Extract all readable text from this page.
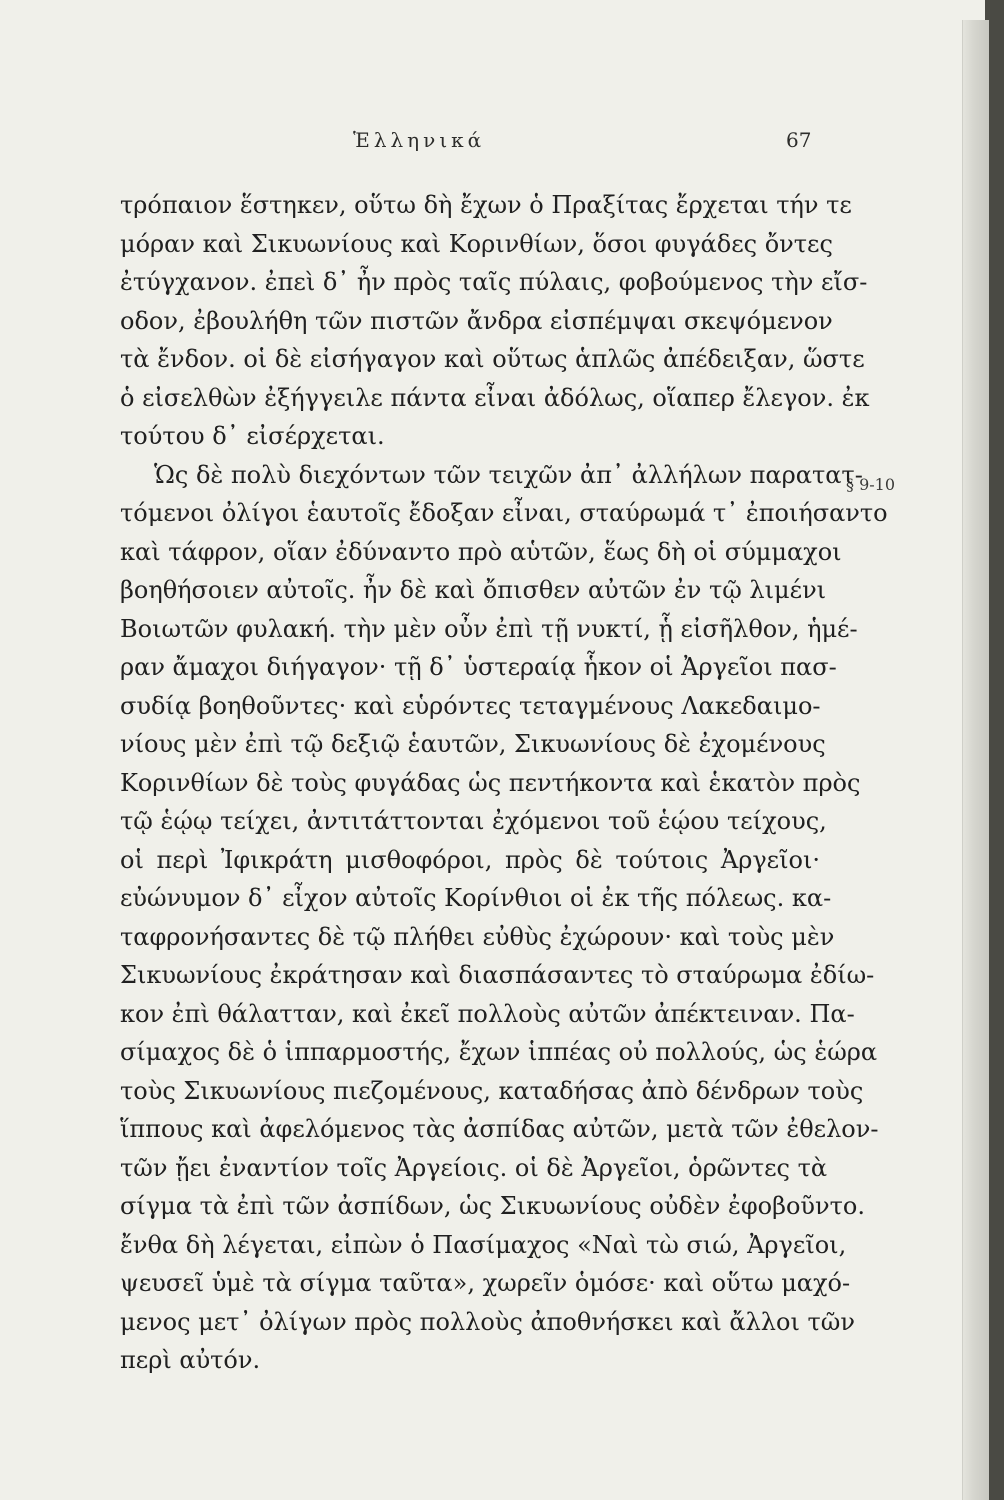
Ἑλληνικά	67
§ 9-10
τρόπαιον ἕστηκεν, οὕτω δὴ ἔχων ὁ Πραξίτας ἔρχεται τήν τε
μόραν καὶ Σικυωνίους καὶ Κορινθίων, ὅσοι φυγάδες ὄντες
ἐτύγχανον. ἐπεὶ δ᾽ ἦν πρὸς ταῖς πύλαις, φοβούμενος τὴν εἴσ-
οδον, ἐβουλήθη τῶν πιστῶν ἄνδρα εἰσπέμψαι σκεψόμενον
τὰ ἔνδον. οἱ δὲ εἰσήγαγον καὶ οὕτως ἁπλῶς ἀπέδειξαν, ὥστε
ὁ εἰσελθὼν ἐξήγγειλε πάντα εἶναι ἀδόλως, οἵαπερ ἔλεγον. ἐκ
τούτου δ᾽ εἰσέρχεται.
Ὡς δὲ πολὺ διεχόντων τῶν τειχῶν ἀπ᾽ ἀλλήλων παρατατ-
τόμενοι ὀλίγοι ἑαυτοῖς ἔδοξαν εἶναι, σταύρωμά τ᾽ ἐποιήσαντο
καὶ τάφρον, οἵαν ἐδύναντο πρὸ αὑτῶν, ἕως δὴ οἱ σύμμαχοι
βοηθήσοιεν αὐτοῖς. ἦν δὲ καὶ ὄπισθεν αὐτῶν ἐν τῷ λιμένι
Βοιωτῶν φυλακή. τὴν μὲν οὖν ἐπὶ τῇ νυκτί, ᾗ εἰσῆλθον, ἡμέ-
ραν ἄμαχοι διήγαγον· τῇ δ᾽ ὑστεραίᾳ ἧκον οἱ Ἀργεῖοι πασ-
συδίᾳ βοηθοῦντες· καὶ εὑρόντες τεταγμένους Λακεδαιμο-
νίους μὲν ἐπὶ τῷ δεξιῷ ἑαυτῶν, Σικυωνίους δὲ ἐχομένους
Κορινθίων δὲ τοὺς φυγάδας ὡς πεντήκοντα καὶ ἑκατὸν πρὸς
τῷ ἑῴῳ τείχει, ἀντιτάττονται ἐχόμενοι τοῦ ἑῴου τείχους,
οἱ περὶ Ἰφικράτη μισθοφόροι, πρὸς δὲ τούτοις Ἀργεῖοι·
εὐώνυμον δ᾽ εἶχον αὐτοῖς Κορίνθιοι οἱ ἐκ τῆς πόλεως. κα-
ταφρονήσαντες δὲ τῷ πλήθει εὐθὺς ἐχώρουν· καὶ τοὺς μὲν
Σικυωνίους ἐκράτησαν καὶ διασπάσαντες τὸ σταύρωμα ἐδίω-
κον ἐπὶ θάλατταν, καὶ ἐκεῖ πολλοὺς αὐτῶν ἀπέκτειναν. Πα-
σίμαχος δὲ ὁ ἱππαρμοστής, ἔχων ἱππέας οὐ πολλούς, ὡς ἑώρα
τοὺς Σικυωνίους πιεζομένους, καταδήσας ἀπὸ δένδρων τοὺς
ἵππους καὶ ἀφελόμενος τὰς ἀσπίδας αὐτῶν, μετὰ τῶν ἐθελον-
τῶν ᾔει ἐναντίον τοῖς Ἀργείοις. οἱ δὲ Ἀργεῖοι, ὁρῶντες τὰ
σίγμα τὰ ἐπὶ τῶν ἀσπίδων, ὡς Σικυωνίους οὐδὲν ἐφοβοῦντο.
ἔνθα δὴ λέγεται, εἰπὼν ὁ Πασίμαχος «Ναὶ τὼ σιώ, Ἀργεῖοι,
ψευσεῖ ὑμὲ τὰ σίγμα ταῦτα», χωρεῖν ὁμόσε· καὶ οὕτω μαχό-
μενος μετ᾽ ὀλίγων πρὸς πολλοὺς ἀποθνήσκει καὶ ἄλλοι τῶν
περὶ αὐτόν.
